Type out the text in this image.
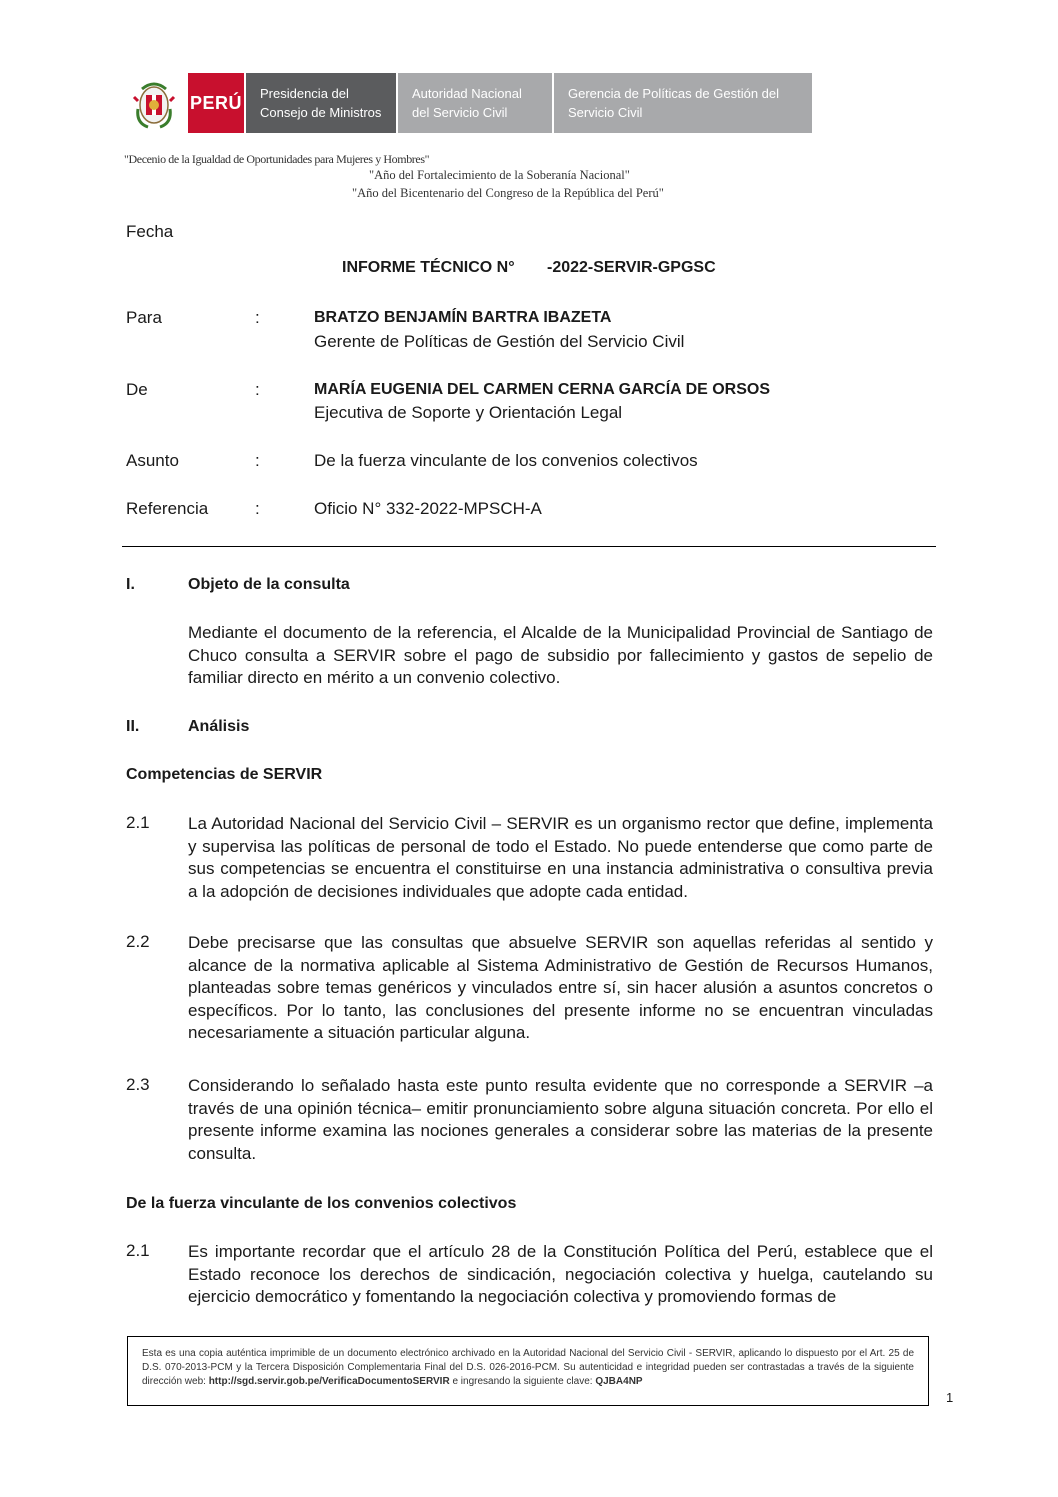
PERÚ Presidencia del
Consejo de Ministros
Autoridad Nacional
del Servicio Civil
Gerencia de Políticas de Gestión del
Servicio Civil
"Decenio de la Igualdad de Oportunidades para Mujeres y Hombres"
"Año del Fortalecimiento de la Soberanía Nacional"
"Año del Bicentenario del Congreso de la República del Perú"
Fecha
INFORME TÉCNICO N° -2022-SERVIR-GPGSC
Para	:	BRATZO BENJAMÍN BARTRA IBAZETA
Gerente de Políticas de Gestión del Servicio Civil
De	:	MARÍA EUGENIA DEL CARMEN CERNA GARCÍA DE ORSOS
Ejecutiva de Soporte y Orientación Legal
Asunto	:	De la fuerza vinculante de los convenios colectivos
Referencia	:	Oficio N° 332-2022-MPSCH-A
I.	Objeto de la consulta
Mediante el documento de la referencia, el Alcalde de la Municipalidad Provincial de Santiago de Chuco consulta a SERVIR sobre el pago de subsidio por fallecimiento y gastos de sepelio de familiar directo en mérito a un convenio colectivo.
II.	Análisis
Competencias de SERVIR
2.1 La Autoridad Nacional del Servicio Civil – SERVIR es un organismo rector que define, implementa y supervisa las políticas de personal de todo el Estado. No puede entenderse que como parte de sus competencias se encuentra el constituirse en una instancia administrativa o consultiva previa a la adopción de decisiones individuales que adopte cada entidad.
2.2 Debe precisarse que las consultas que absuelve SERVIR son aquellas referidas al sentido y alcance de la normativa aplicable al Sistema Administrativo de Gestión de Recursos Humanos, planteadas sobre temas genéricos y vinculados entre sí, sin hacer alusión a asuntos concretos o específicos. Por lo tanto, las conclusiones del presente informe no se encuentran vinculadas necesariamente a situación particular alguna.
2.3 Considerando lo señalado hasta este punto resulta evidente que no corresponde a SERVIR –a través de una opinión técnica– emitir pronunciamiento sobre alguna situación concreta. Por ello el presente informe examina las nociones generales a considerar sobre las materias de la presente consulta.
De la fuerza vinculante de los convenios colectivos
2.1 Es importante recordar que el artículo 28 de la Constitución Política del Perú, establece que el Estado reconoce los derechos de sindicación, negociación colectiva y huelga, cautelando su ejercicio democrático y fomentando la negociación colectiva y promoviendo formas de
Esta es una copia auténtica imprimible de un documento electrónico archivado en la Autoridad Nacional del Servicio Civil - SERVIR, aplicando lo dispuesto por el Art. 25 de D.S. 070-2013-PCM y la Tercera Disposición Complementaria Final del D.S. 026-2016-PCM. Su autenticidad e integridad pueden ser contrastadas a través de la siguiente dirección web: http://sgd.servir.gob.pe/VerificaDocumentoSERVIR e ingresando la siguiente clave: QJBA4NP
1
